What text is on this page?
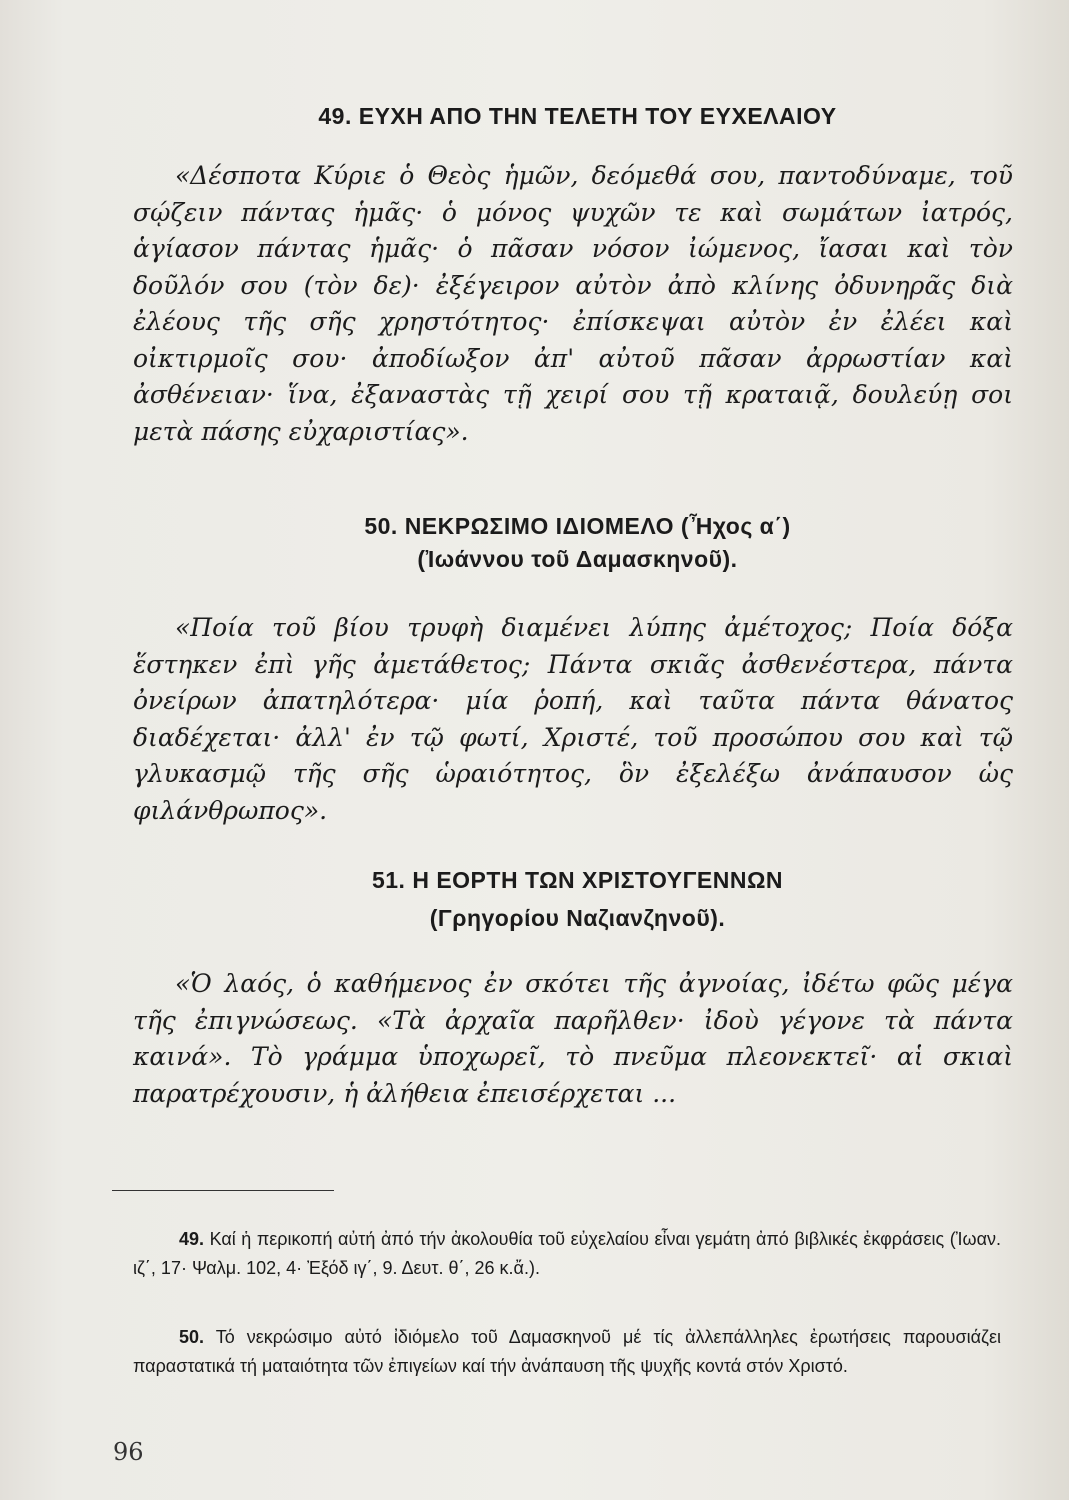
49. ΕΥΧΗ ΑΠΟ ΤΗΝ ΤΕΛΕΤΗ ΤΟΥ ΕΥΧΕΛΑΙΟΥ
«Δέσποτα Κύριε ὁ Θεὸς ἡμῶν, δεόμεθά σου, παντοδύναμε, τοῦ σῴζειν πάντας ἡμᾶς· ὁ μόνος ψυχῶν τε καὶ σωμάτων ἰατρός, ἁγίασον πάντας ἡμᾶς· ὁ πᾶσαν νόσον ἰώμενος, ἴασαι καὶ τὸν δοῦλόν σου (τὸν δε)· ἐξέγειρον αὐτὸν ἀπὸ κλίνης ὀδυνηρᾶς διὰ ἐλέους τῆς σῆς χρηστότητος· ἐπίσκεψαι αὐτὸν ἐν ἐλέει καὶ οἰκτιρμοῖς σου· ἀποδίωξον ἀπ' αὐτοῦ πᾶσαν ἀρρωστίαν καὶ ἀσθένειαν· ἵνα, ἐξαναστὰς τῇ χειρί σου τῇ κραταιᾷ, δουλεύῃ σοι μετὰ πάσης εὐχαριστίας».
50. ΝΕΚΡΩΣΙΜΟ ΙΔΙΟΜΕΛΟ (Ἦχος α΄)
(Ἰωάννου τοῦ Δαμασκηνοῦ).
«Ποία τοῦ βίου τρυφὴ διαμένει λύπης ἀμέτοχος; Ποία δόξα ἕστηκεν ἐπὶ γῆς ἀμετάθετος; Πάντα σκιᾶς ἀσθενέστερα, πάντα ὀνείρων ἀπατηλότερα· μία ῥοπή, καὶ ταῦτα πάντα θάνατος διαδέχεται· ἀλλ' ἐν τῷ φωτί, Χριστέ, τοῦ προσώπου σου καὶ τῷ γλυκασμῷ τῆς σῆς ὡραιότητος, ὃν ἐξελέξω ἀνάπαυσον ὡς φιλάνθρωπος».
51. Η ΕΟΡΤΗ ΤΩΝ ΧΡΙΣΤΟΥΓΕΝΝΩΝ
(Γρηγορίου Ναζιανζηνοῦ).
«Ὁ λαός, ὁ καθήμενος ἐν σκότει τῆς ἀγνοίας, ἰδέτω φῶς μέγα τῆς ἐπιγνώσεως. «Τὰ ἀρχαῖα παρῆλθεν· ἰδοὺ γέγονε τὰ πάντα καινά». Τὸ γράμμα ὑποχωρεῖ, τὸ πνεῦμα πλεονεκτεῖ· αἱ σκιαὶ παρατρέχουσιν, ἡ ἀλήθεια ἐπεισέρχεται ...
49. Καί ἡ περικοπή αὐτή ἀπό τήν ἀκολουθία τοῦ εὐχελαίου εἶναι γεμάτη ἀπό βιβλικές ἐκφράσεις (Ἰωαν. ιζ΄, 17· Ψαλμ. 102, 4· Ἐξόδ ιγ΄, 9. Δευτ. θ΄, 26 κ.ἄ.).
50. Τό νεκρώσιμο αὐτό ἰδιόμελο τοῦ Δαμασκηνοῦ μέ τίς ἀλλεπάλληλες ἐρωτήσεις παρουσιάζει παραστατικά τή ματαιότητα τῶν ἐπιγείων καί τήν ἀνάπαυση τῆς ψυχῆς κοντά στόν Χριστό.
96
